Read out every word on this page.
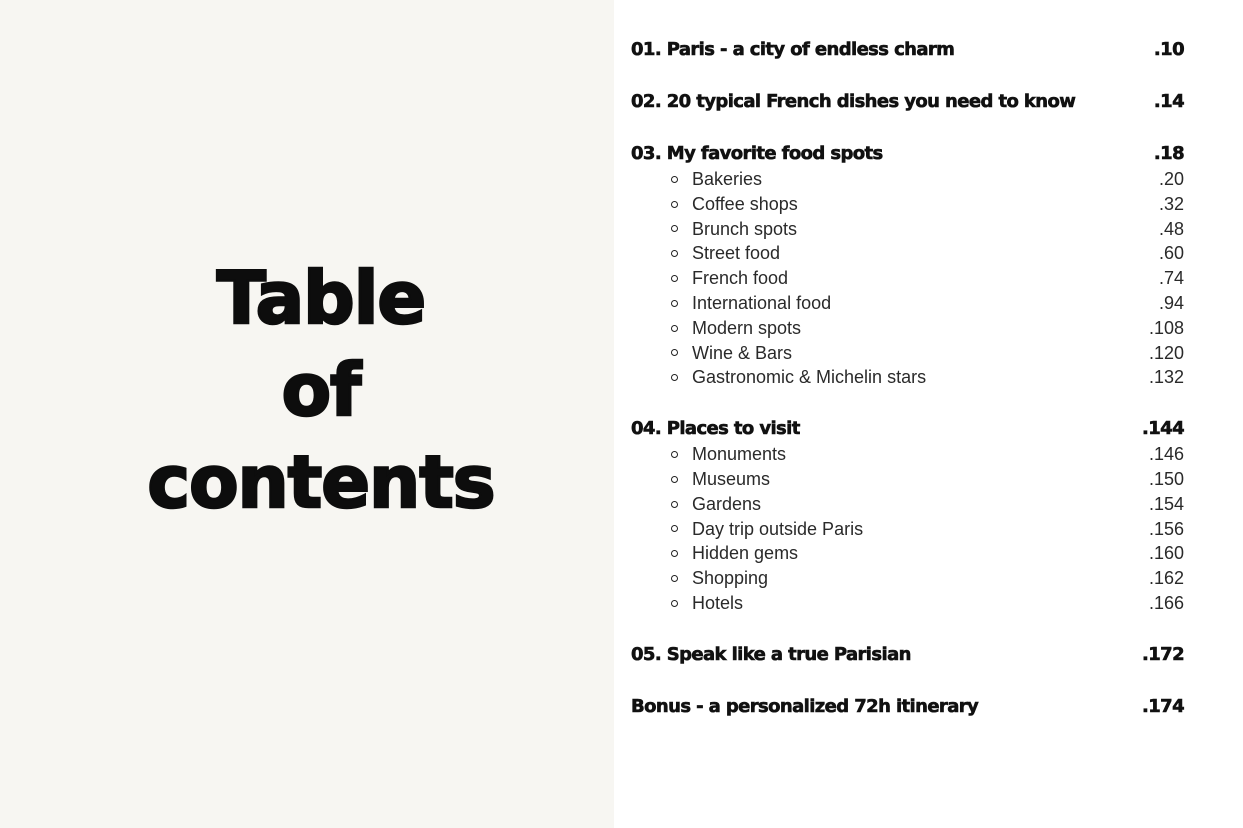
Table
of
contents
01. Paris - a city of endless charm	.10
02. 20 typical French dishes you need to know	.14
03. My favorite food spots	.18
Bakeries	.20
Coffee shops	.32
Brunch spots	.48
Street food	.60
French food	.74
International food	.94
Modern spots	.108
Wine & Bars	.120
Gastronomic & Michelin stars	.132
04. Places to visit	.144
Monuments	.146
Museums	.150
Gardens	.154
Day trip outside Paris	.156
Hidden gems	.160
Shopping	.162
Hotels	.166
05. Speak like a true Parisian	.172
Bonus - a personalized 72h itinerary	.174
